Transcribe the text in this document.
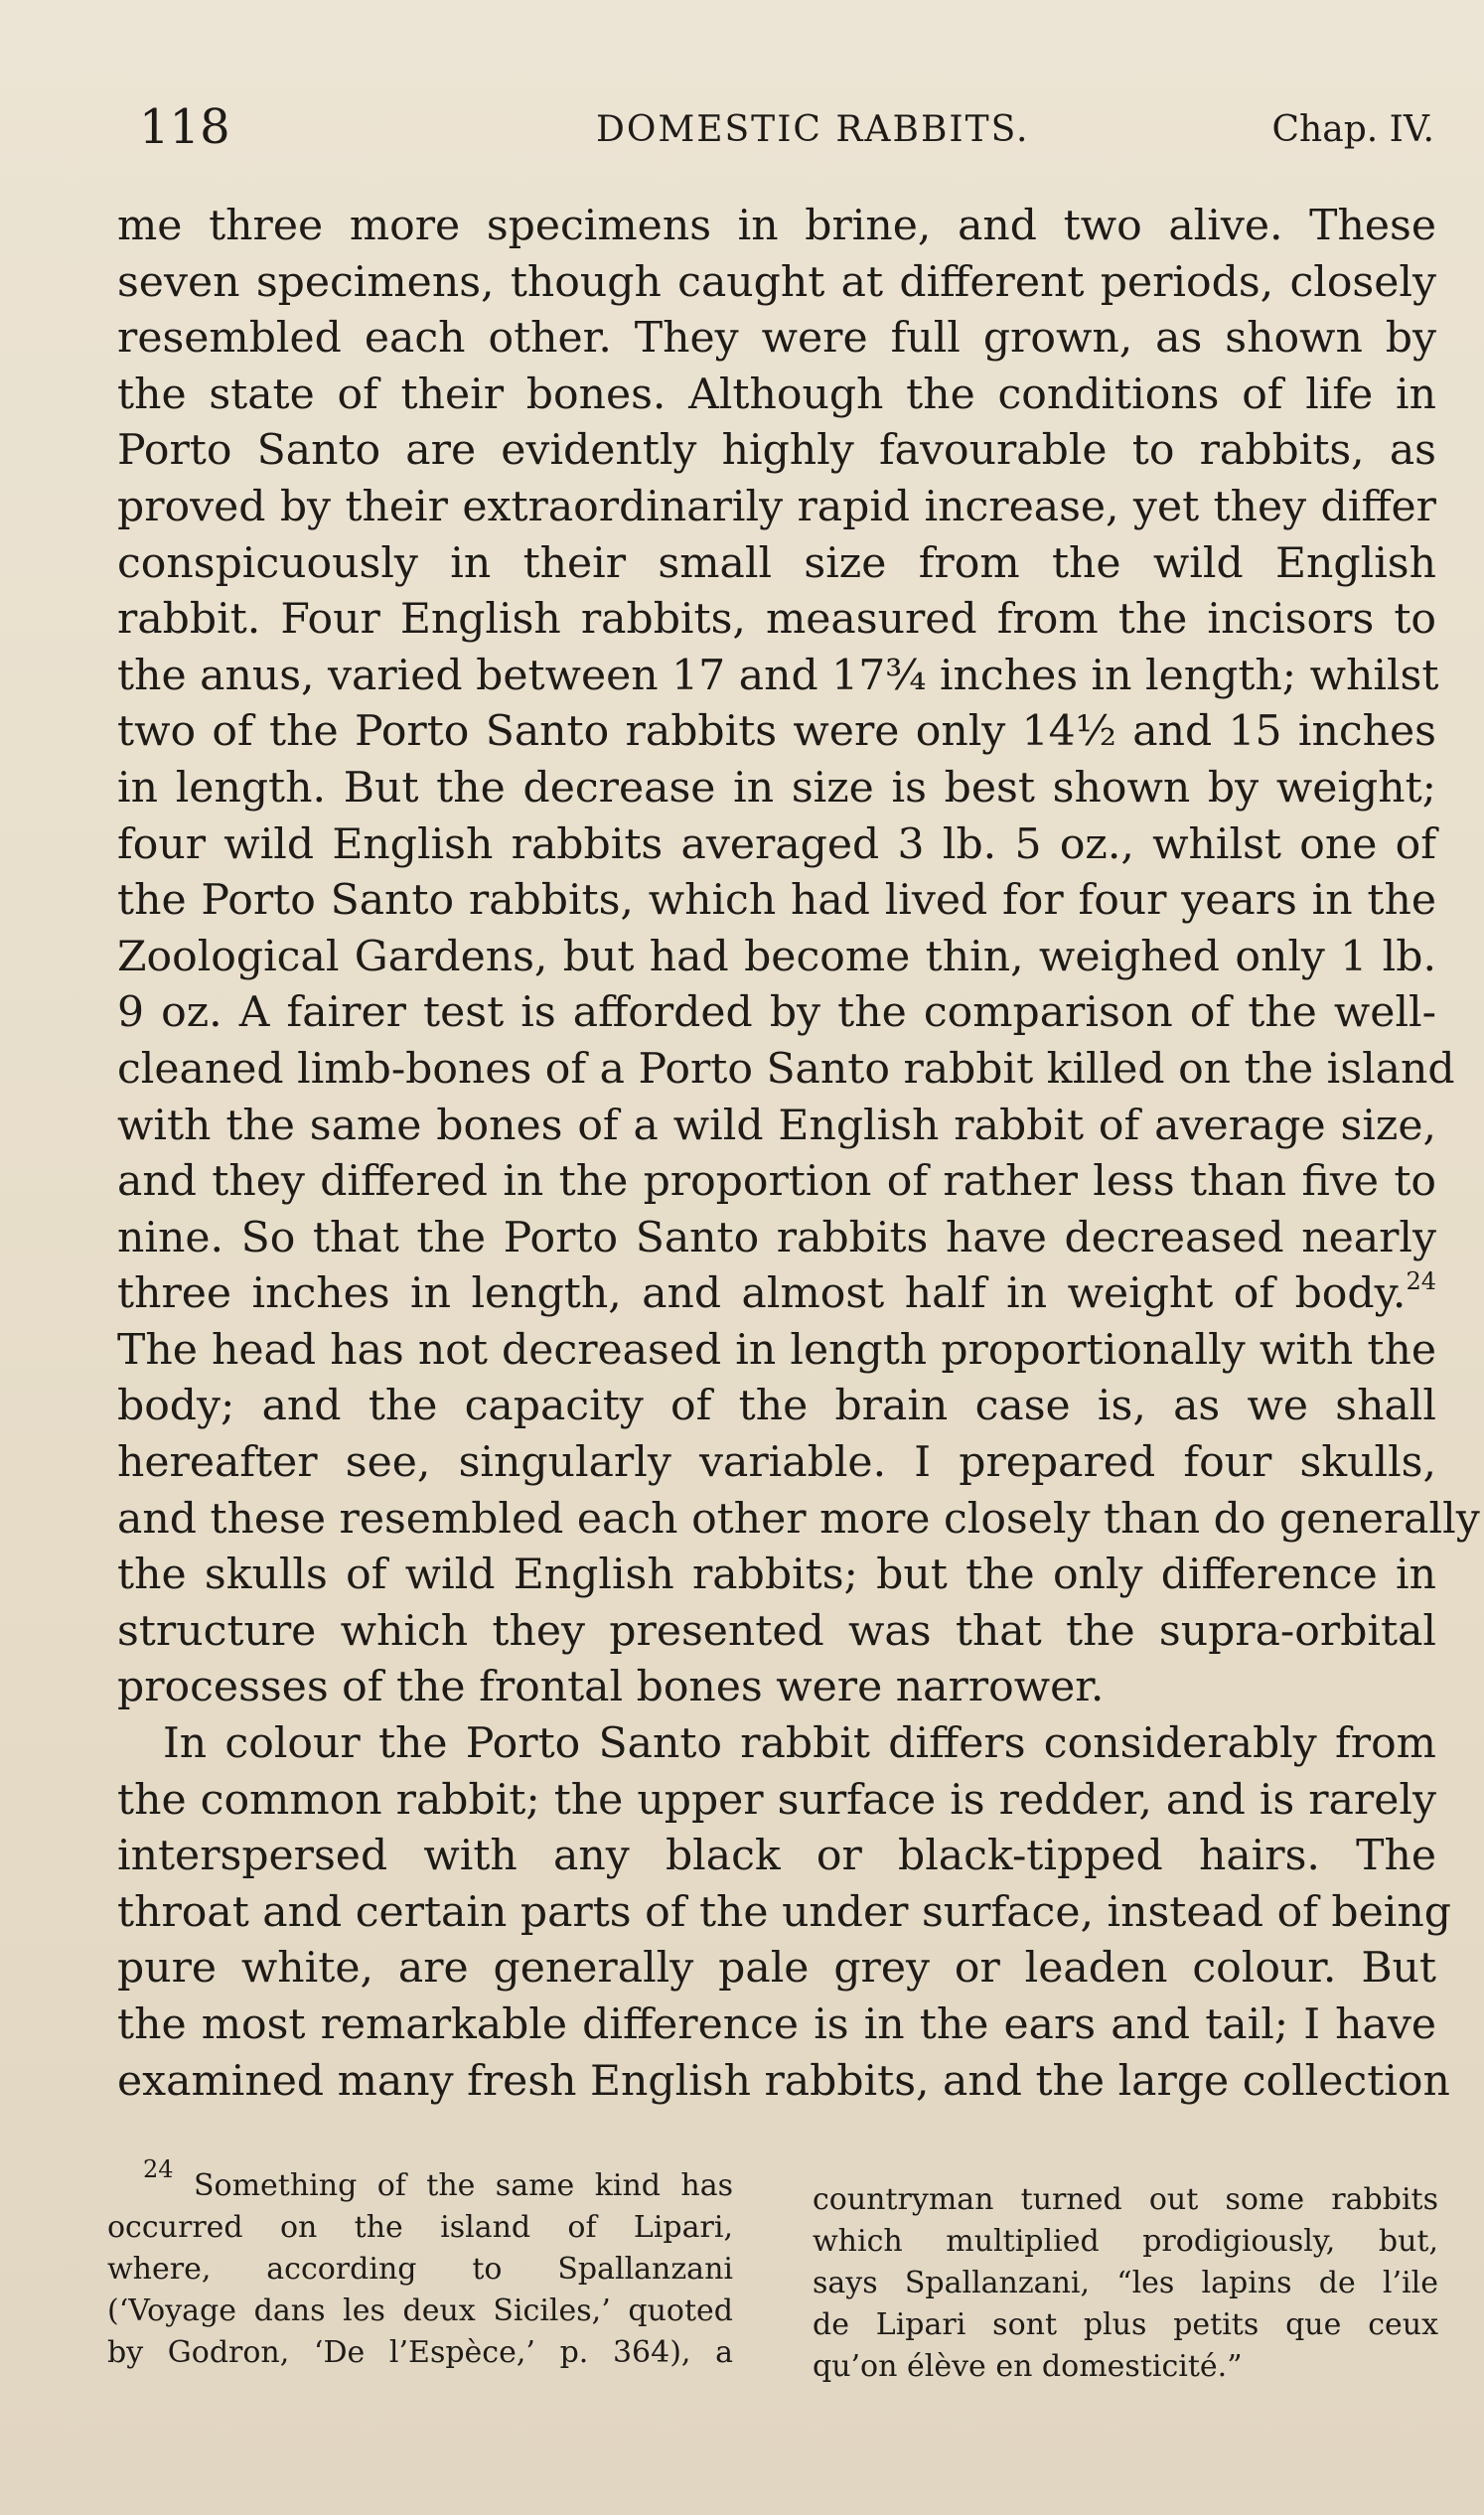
118	DOMESTIC RABBITS.	Chap. IV.
me three more specimens in brine, and two alive. These
seven specimens, though caught at different periods, closely
resembled each other. They were full grown, as shown by
the state of their bones. Although the conditions of life in
Porto Santo are evidently highly favourable to rabbits, as
proved by their extraordinarily rapid increase, yet they differ
conspicuously in their small size from the wild English
rabbit. Four English rabbits, measured from the incisors to
the anus, varied between 17 and 17¾ inches in length; whilst
two of the Porto Santo rabbits were only 14½ and 15 inches
in length. But the decrease in size is best shown by weight;
four wild English rabbits averaged 3 lb. 5 oz., whilst one of
the Porto Santo rabbits, which had lived for four years in the
Zoological Gardens, but had become thin, weighed only 1 lb.
9 oz. A fairer test is afforded by the comparison of the well-
cleaned limb-bones of a Porto Santo rabbit killed on the island
with the same bones of a wild English rabbit of average size,
and they differed in the proportion of rather less than five to
nine. So that the Porto Santo rabbits have decreased nearly
three inches in length, and almost half in weight of body.$^{24}$
The head has not decreased in length proportionally with the
body; and the capacity of the brain case is, as we shall
hereafter see, singularly variable. I prepared four skulls,
and these resembled each other more closely than do generally
the skulls of wild English rabbits; but the only difference in
structure which they presented was that the supra-orbital
processes of the frontal bones were narrower.
In colour the Porto Santo rabbit differs considerably from
the common rabbit; the upper surface is redder, and is rarely
interspersed with any black or black-tipped hairs. The
throat and certain parts of the under surface, instead of being
pure white, are generally pale grey or leaden colour. But
the most remarkable difference is in the ears and tail; I have
examined many fresh English rabbits, and the large collection
$^{24}$ Something of the same kind has
occurred on the island of Lipari,
where, according to Spallanzani
(‘Voyage dans les deux Siciles,’ quoted
by Godron, ‘De l’Espèce,’ p. 364), a
countryman turned out some rabbits
which multiplied prodigiously, but,
says Spallanzani, “les lapins de l’ile
de Lipari sont plus petits que ceux
qu’on élève en domesticité.”
